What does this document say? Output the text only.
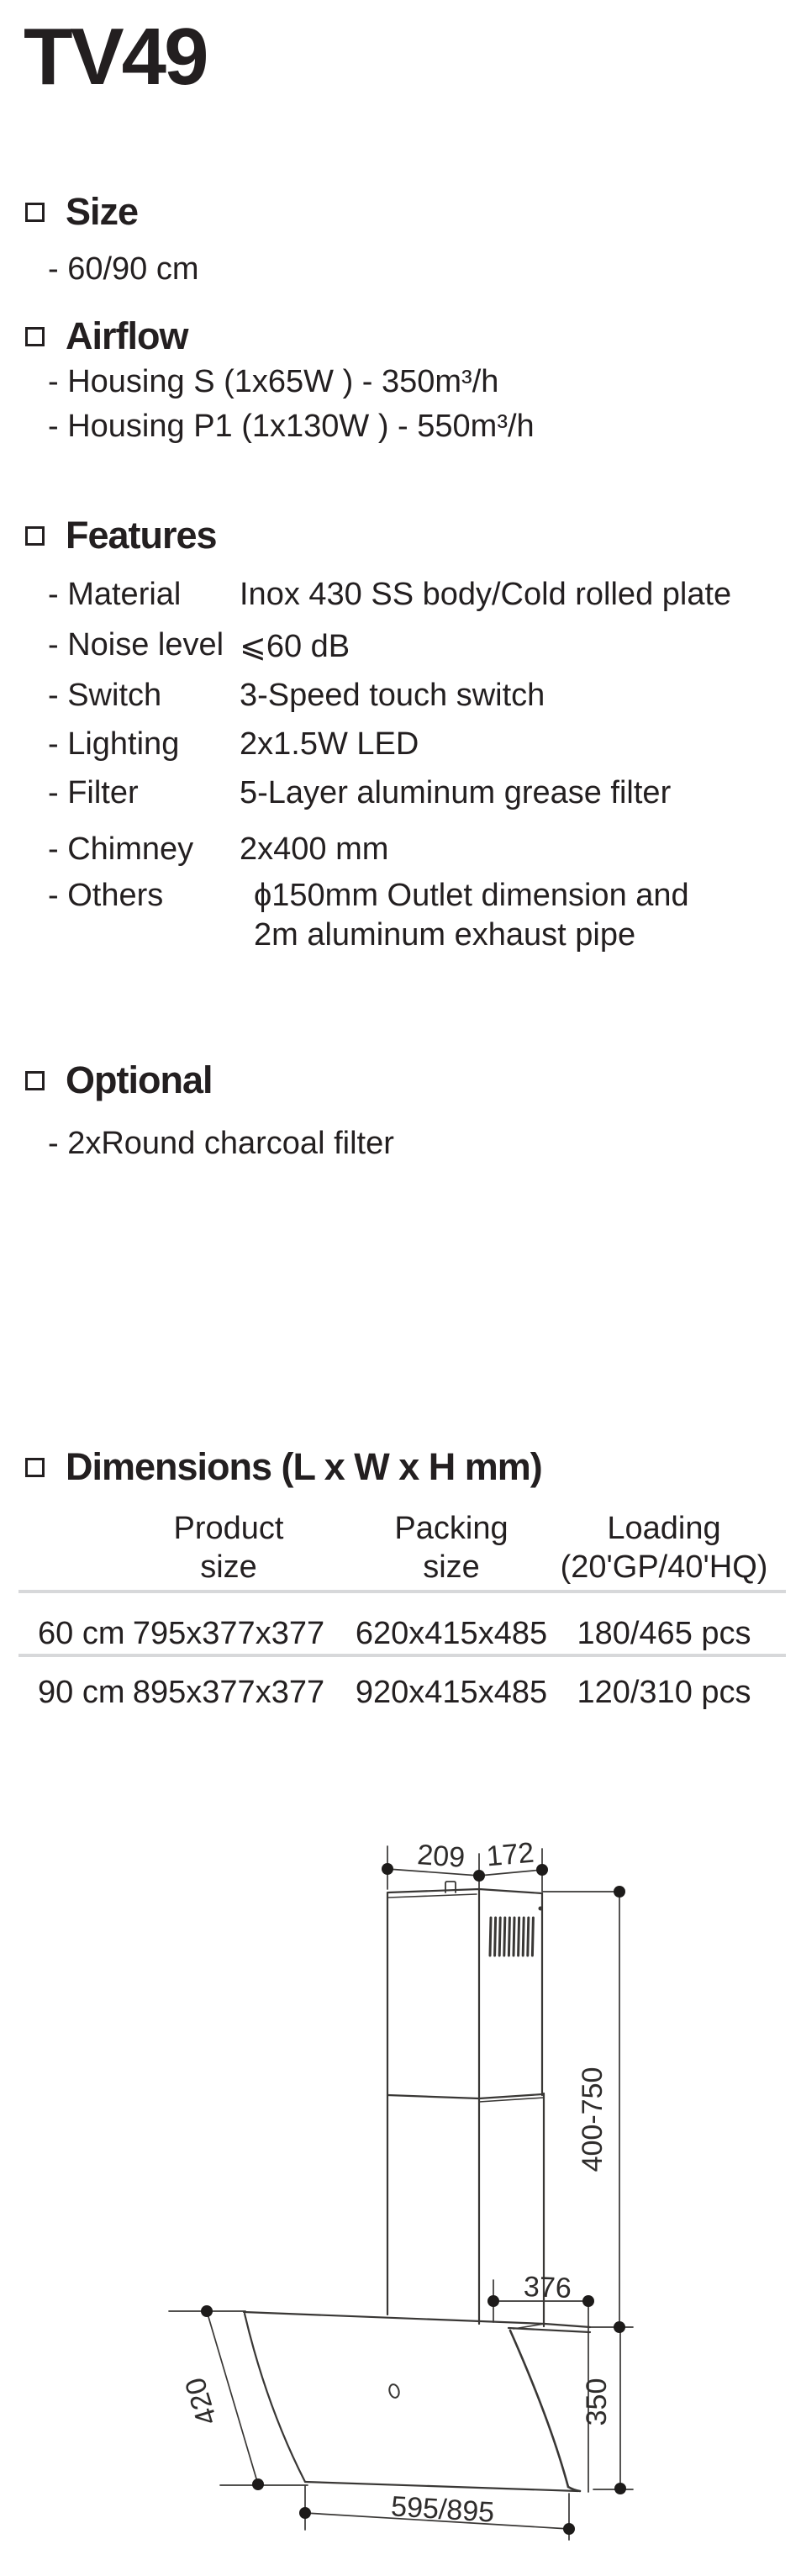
TV49
Size
- 60/90 cm
Airflow
- Housing S (1x65W ) - 350m³/h
- Housing P1 (1x130W ) - 550m³/h
Features
- Material Inox 430 SS body/Cold rolled plate
- Noise level ⩽60 dB
- Switch 3-Speed touch switch
- Lighting 2x1.5W LED
- Filter	5-Layer aluminum grease filter
- Chimney 2x400 mm
- Others	ϕ150mm Outlet dimension and
2m aluminum exhaust pipe
Optional
- 2xRound charcoal filter
Dimensions (L x W x H mm)
Product
size
Packing
size
Loading
(20'GP/40'HQ)
60 cm 795x377x377 620x415x485 180/465 pcs
90 cm 895x377x377 920x415x485 120/310 pcs
209 172
400-750
376
350
420
595/895
